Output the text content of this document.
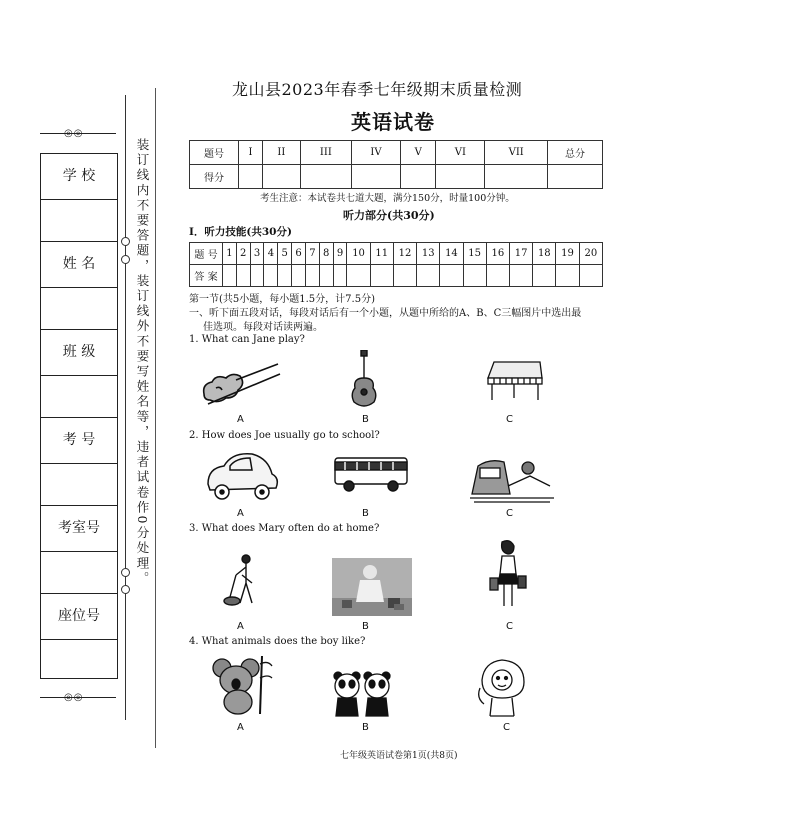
◎◎
◎◎
学 校
姓 名
班 级
考 号
考室号
座位号
装订线内不要答题，装订线外不要写姓名等，违者试卷作0分处理。
龙山县2023年春季七年级期末质量检测
英语试卷
题号	I	II	III	IV	V	VI	VII	总分
得分								
考生注意：本试卷共七道大题，满分150分，时量100分钟。
听力部分(共30分)
I．听力技能(共30分)
题 号	1	2	3	4	5	6	7	8	9	10	11	12	13	14	15	16	17	18	19	20
答 案																				
第一节(共5小题，每小题1.5分，计7.5分)
一、听下面五段对话，每段对话后有一个小题，从题中所给的A、B、C三幅图片中选出最
佳选项。每段对话读两遍。
1. What can Jane play?
A	B	C
2. How does Joe usually go to school?
A	B	C
3. What does Mary often do at home?
A	B	C
4. What animals does the boy like?
A	B	C
七年级英语试卷第1页(共8页)
